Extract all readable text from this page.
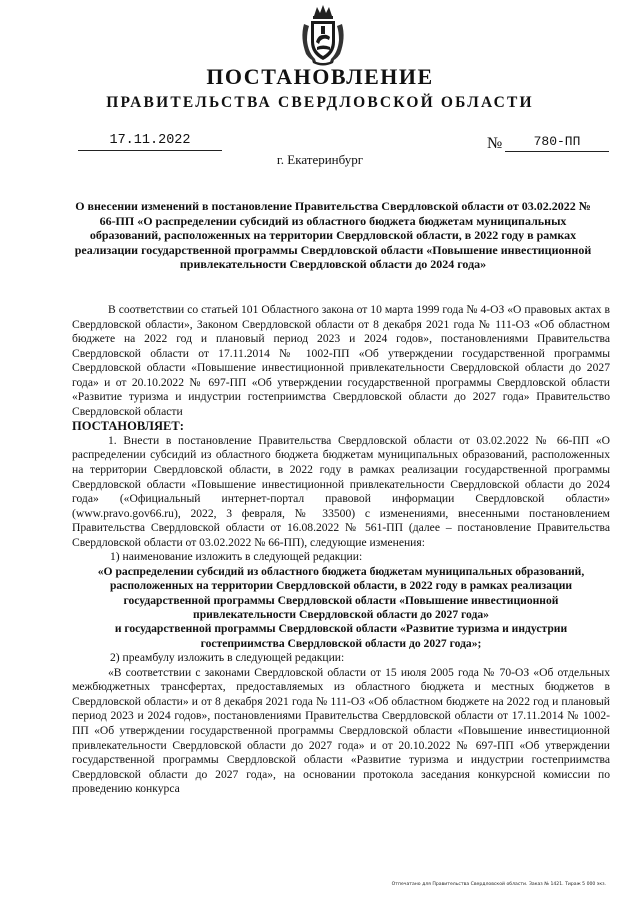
ПОСТАНОВЛЕНИЕ
ПРАВИТЕЛЬСТВА СВЕРДЛОВСКОЙ ОБЛАСТИ
17.11.2022	№	780-ПП
г. Екатеринбург
О внесении изменений в постановление Правительства Свердловской области от 03.02.2022 № 66-ПП «О распределении субсидий из областного бюджета бюджетам муниципальных образований, расположенных на территории Свердловской области, в 2022 году в рамках реализации государственной программы Свердловской области «Повышение инвестиционной привлекательности Свердловской области до 2024 года»

В соответствии со статьей 101 Областного закона от 10 марта 1999 года № 4-ОЗ «О правовых актах в Свердловской области», Законом Свердловской области от 8 декабря 2021 года № 111-ОЗ «Об областном бюджете на 2022 год и плановый период 2023 и 2024 годов», постановлениями Правительства Свердловской области от 17.11.2014 № 1002-ПП «Об утверждении государственной программы Свердловской области «Повышение инвестиционной привлекательности Свердловской области до 2027 года» и от 20.10.2022 № 697-ПП «Об утверждении государственной программы Свердловской области «Развитие туризма и индустрии гостеприимства Свердловской области до 2027 года» Правительство Свердловской области

ПОСТАНОВЛЯЕТ:

1. Внести в постановление Правительства Свердловской области от 03.02.2022 № 66-ПП «О распределении субсидий из областного бюджета бюджетам муниципальных образований, расположенных на территории Свердловской области, в 2022 году в рамках реализации государственной программы Свердловской области «Повышение инвестиционной привлекательности Свердловской области до 2024 года» («Официальный интернет-портал правовой информации Свердловской области» (www.pravo.gov66.ru), 2022, 3 февраля, № 33500) с изменениями, внесенными постановлением Правительства Свердловской области от 16.08.2022 № 561-ПП (далее – постановление Правительства Свердловской области от 03.02.2022 № 66-ПП), следующие изменения:

1) наименование изложить в следующей редакции:

«О распределении субсидий из областного бюджета бюджетам муниципальных образований, расположенных на территории Свердловской области, в 2022 году в рамках реализации государственной программы Свердловской области «Повышение инвестиционной привлекательности Свердловской области до 2027 года»

и государственной программы Свердловской области «Развитие туризма и индустрии гостеприимства Свердловской области до 2027 года»;

2) преамбулу изложить в следующей редакции:

«В соответствии с законами Свердловской области от 15 июля 2005 года № 70-ОЗ «Об отдельных межбюджетных трансфертах, предоставляемых из областного бюджета и местных бюджетов в Свердловской области» и от 8 декабря 2021 года № 111-ОЗ «Об областном бюджете на 2022 год и плановый период 2023 и 2024 годов», постановлениями Правительства Свердловской области от 17.11.2014 № 1002-ПП «Об утверждении государственной программы Свердловской области «Повышение инвестиционной привлекательности Свердловской области до 2027 года» и от 20.10.2022 № 697-ПП «Об утверждении государственной программы Свердловской области «Развитие туризма и индустрии гостеприимства Свердловской области до 2027 года», на основании протокола заседания конкурсной комиссии по проведению конкурса

Отпечатано для Правительства Свердловской области. Заказ № 1421. Тираж 5 000 экз.
